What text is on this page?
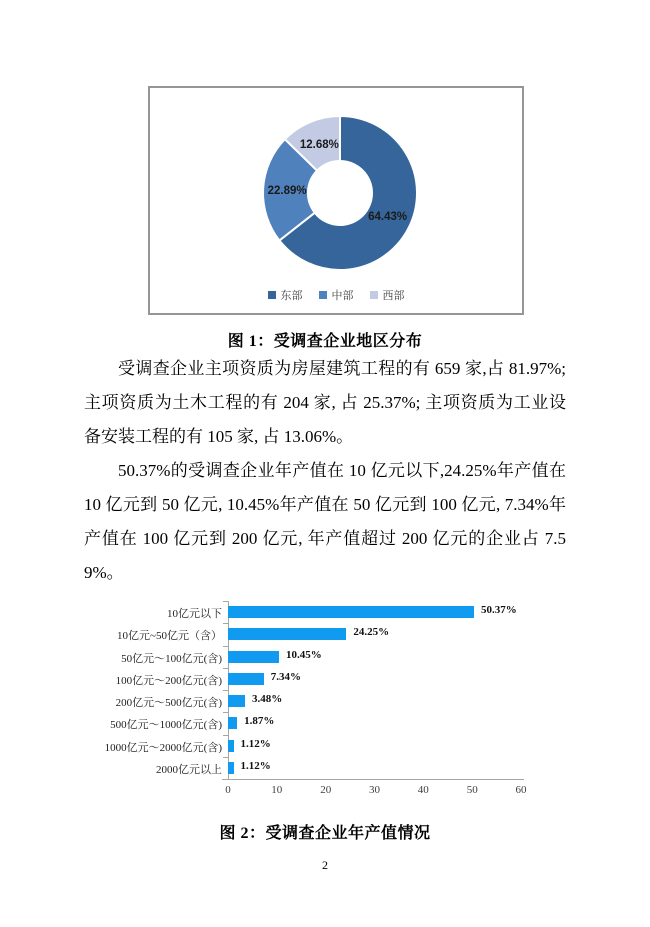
64.43%
22.89%
12.68%
东部	中部	西部
图 1：受调查企业地区分布

受调查企业主项资质为房屋建筑工程的有 659 家,占 81.97%; 主项资质为土木工程的有 204 家, 占 25.37%; 主项资质为工业设备安装工程的有 105 家, 占 13.06%。

50.37%的受调查企业年产值在 10 亿元以下,24.25%年产值在 10 亿元到 50 亿元, 10.45%年产值在 50 亿元到 100 亿元, 7.34%年产值在 100 亿元到 200 亿元, 年产值超过 200 亿元的企业占 7.59%。

10亿元以下	50.37%
10亿元~50亿元（含）	24.25%
50亿元～100亿元(含)	10.45%
100亿元～200亿元(含)	7.34%
200亿元～500亿元(含)	3.48%
500亿元～1000亿元(含) 1.87%
1000亿元～2000亿元(含) 1.12%
2000亿元以上 1.12%
0	10	20	30	40	50	60
图 2：受调查企业年产值情况
2
